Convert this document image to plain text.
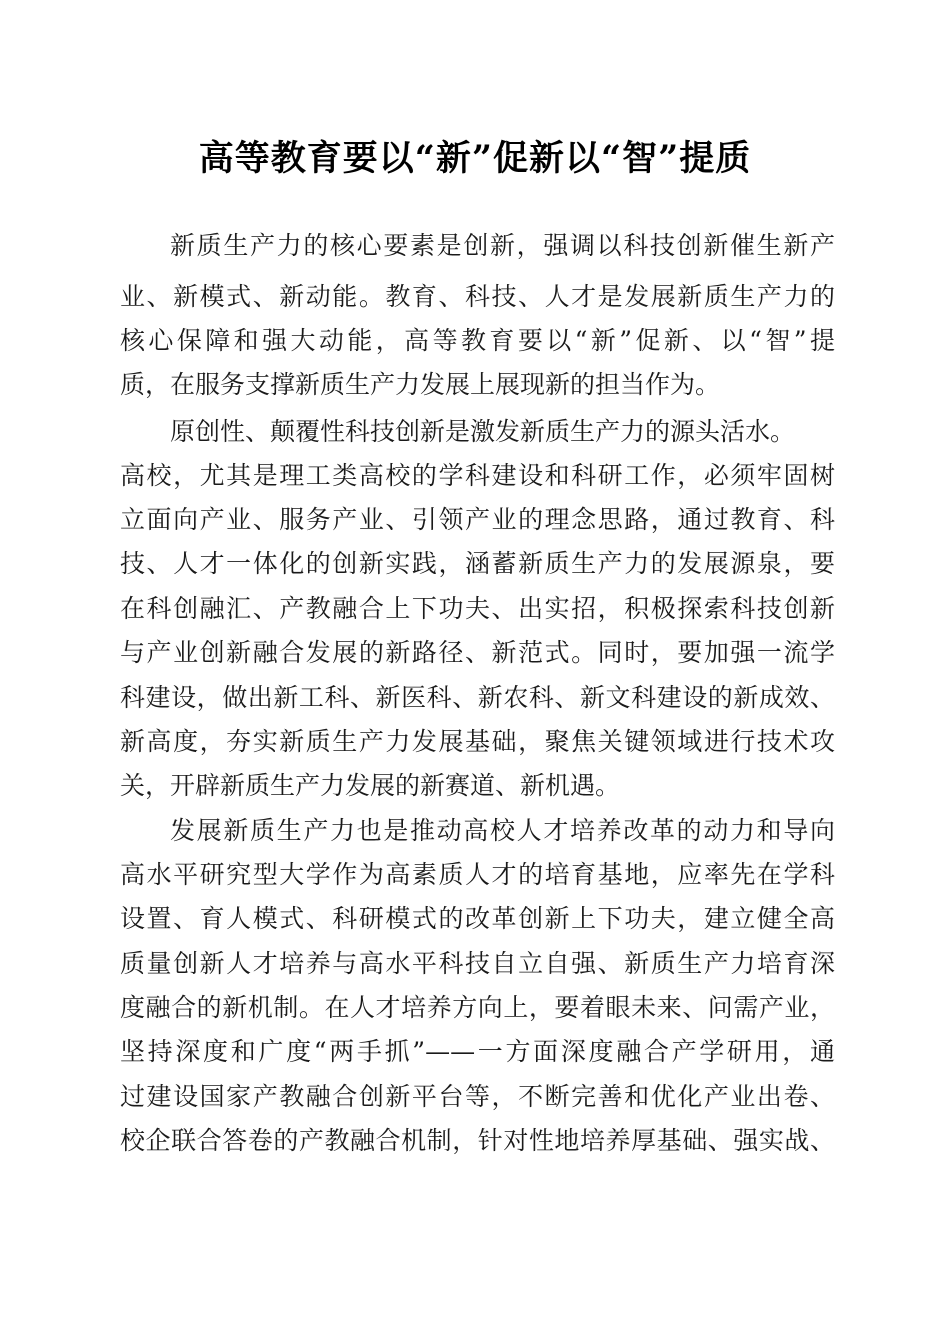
高等教育要以“新”促新以“智”提质
新质生产力的核心要素是创新，强调以科技创新催生新产
业、新模式、新动能。教育、科技、人才是发展新质生产力的
核心保障和强大动能，高等教育要以“新”促新、以“智”提
质，在服务支撑新质生产力发展上展现新的担当作为。
原创性、颠覆性科技创新是激发新质生产力的源头活水。
高校，尤其是理工类高校的学科建设和科研工作，必须牢固树
立面向产业、服务产业、引领产业的理念思路，通过教育、科
技、人才一体化的创新实践，涵蓄新质生产力的发展源泉，要
在科创融汇、产教融合上下功夫、出实招，积极探索科技创新
与产业创新融合发展的新路径、新范式。同时，要加强一流学
科建设，做出新工科、新医科、新农科、新文科建设的新成效、
新高度，夯实新质生产力发展基础，聚焦关键领域进行技术攻
关，开辟新质生产力发展的新赛道、新机遇。
发展新质生产力也是推动高校人才培养改革的动力和导向
高水平研究型大学作为高素质人才的培育基地，应率先在学科
设置、育人模式、科研模式的改革创新上下功夫，建立健全高
质量创新人才培养与高水平科技自立自强、新质生产力培育深
度融合的新机制。在人才培养方向上，要着眼未来、问需产业，
坚持深度和广度“两手抓”——一方面深度融合产学研用，通
过建设国家产教融合创新平台等，不断完善和优化产业出卷、
校企联合答卷的产教融合机制，针对性地培养厚基础、强实战、
